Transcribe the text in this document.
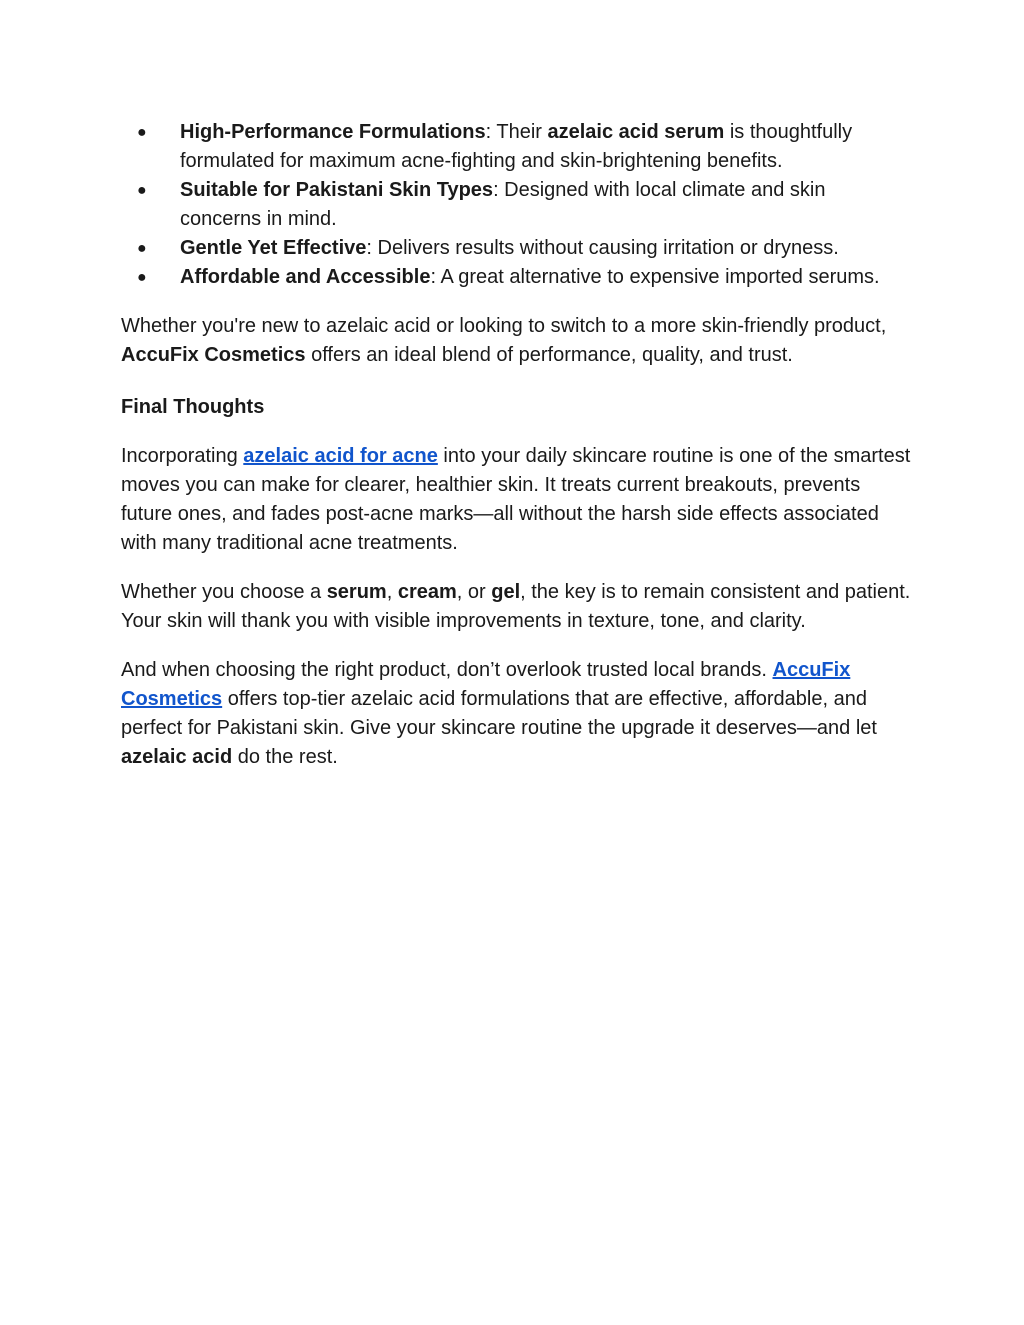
● High-Performance Formulations: Their azelaic acid serum is thoughtfully formulated for maximum acne-fighting and skin-brightening benefits.
● Suitable for Pakistani Skin Types: Designed with local climate and skin concerns in mind.
● Gentle Yet Effective: Delivers results without causing irritation or dryness.
● Affordable and Accessible: A great alternative to expensive imported serums.

Whether you're new to azelaic acid or looking to switch to a more skin-friendly product, AccuFix Cosmetics offers an ideal blend of performance, quality, and trust.

Final Thoughts

Incorporating azelaic acid for acne into your daily skincare routine is one of the smartest moves you can make for clearer, healthier skin. It treats current breakouts, prevents future ones, and fades post-acne marks—all without the harsh side effects associated with many traditional acne treatments.

Whether you choose a serum, cream, or gel, the key is to remain consistent and patient. Your skin will thank you with visible improvements in texture, tone, and clarity.

And when choosing the right product, don’t overlook trusted local brands. AccuFix Cosmetics offers top-tier azelaic acid formulations that are effective, affordable, and perfect for Pakistani skin. Give your skincare routine the upgrade it deserves—and let azelaic acid do the rest.
